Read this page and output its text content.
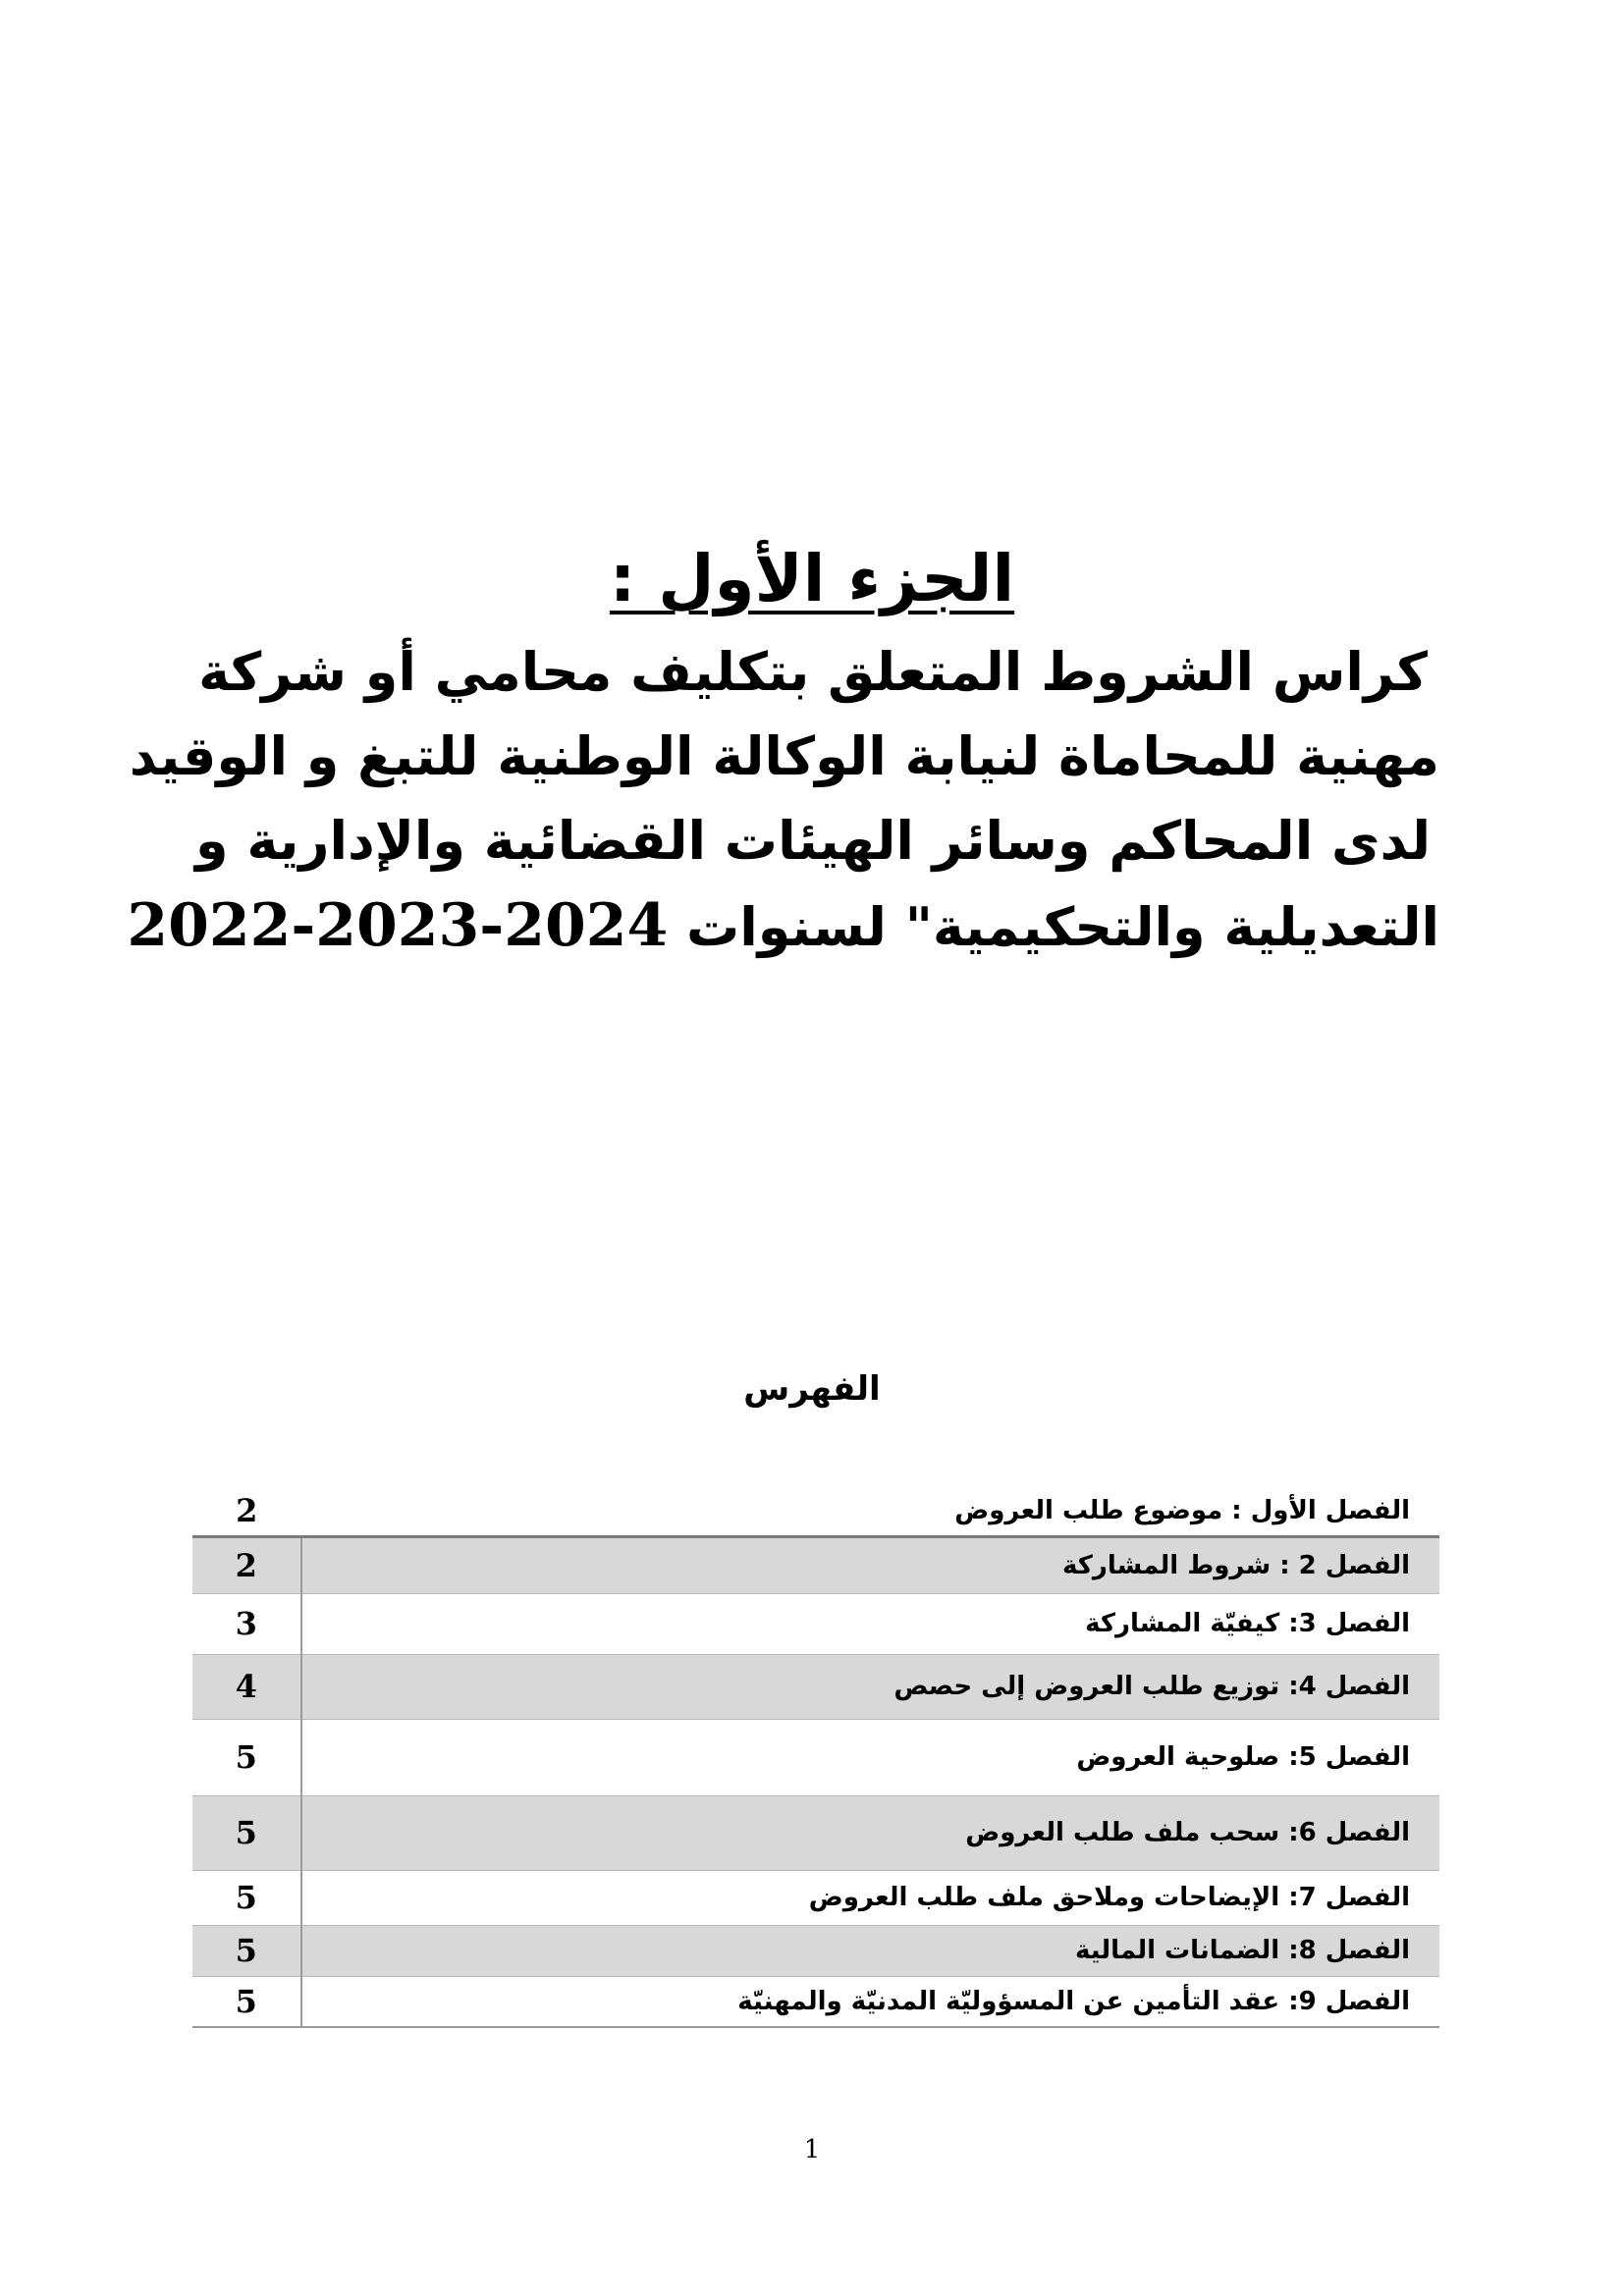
الجزء الأول :
كراس الشروط المتعلق بتكليف محامي أو شركة
مهنية للمحاماة لنيابة الوكالة الوطنية للتبغ و الوقيد
لدى المحاكم وسائر الهيئات القضائية والإدارية و
التعديلية والتحكيمية" لسنوات 2022-2023-2024
الفهرس
الفصل الأول : موضوع طلب العروض	2
الفصل 2 : شروط المشاركة	2
الفصل 3: كيفيّة المشاركة	3
الفصل 4: توزيع طلب العروض إلى حصص	4
الفصل 5: صلوحية العروض	5
الفصل 6: سحب ملف طلب العروض	5
الفصل 7: الإيضاحات وملاحق ملف طلب العروض	5
الفصل 8: الضمانات المالية	5
الفصل 9: عقد التأمين عن المسؤوليّة المدنيّة والمهنيّة	5
1
